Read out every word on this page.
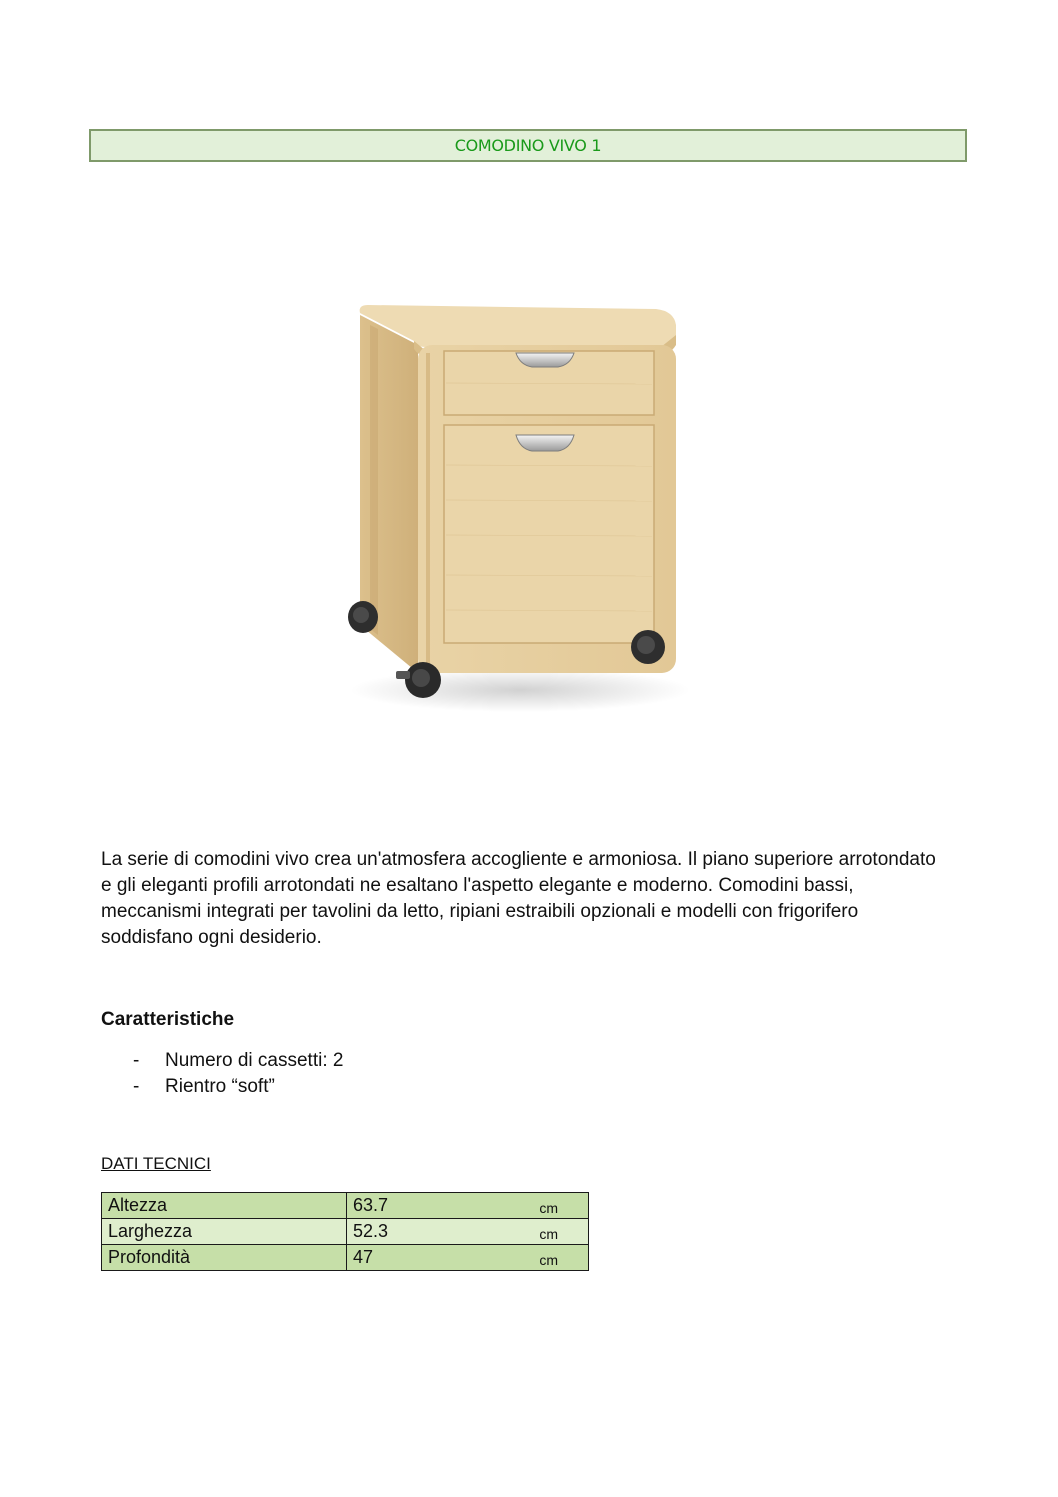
COMODINO VIVO 1
La serie di comodini vivo crea un'atmosfera accogliente e armoniosa. Il piano superiore arrotondato e gli eleganti profili arrotondati ne esaltano l'aspetto elegante e moderno. Comodini bassi, meccanismi integrati per tavolini da letto, ripiani estraibili opzionali e modelli con frigorifero soddisfano ogni desiderio.
Caratteristiche
-	Numero di cassetti: 2
-	Rientro “soft”
DATI TECNICI
Altezza	63.7 cm

Larghezza	52.3 cm

Profondità	47 cm
